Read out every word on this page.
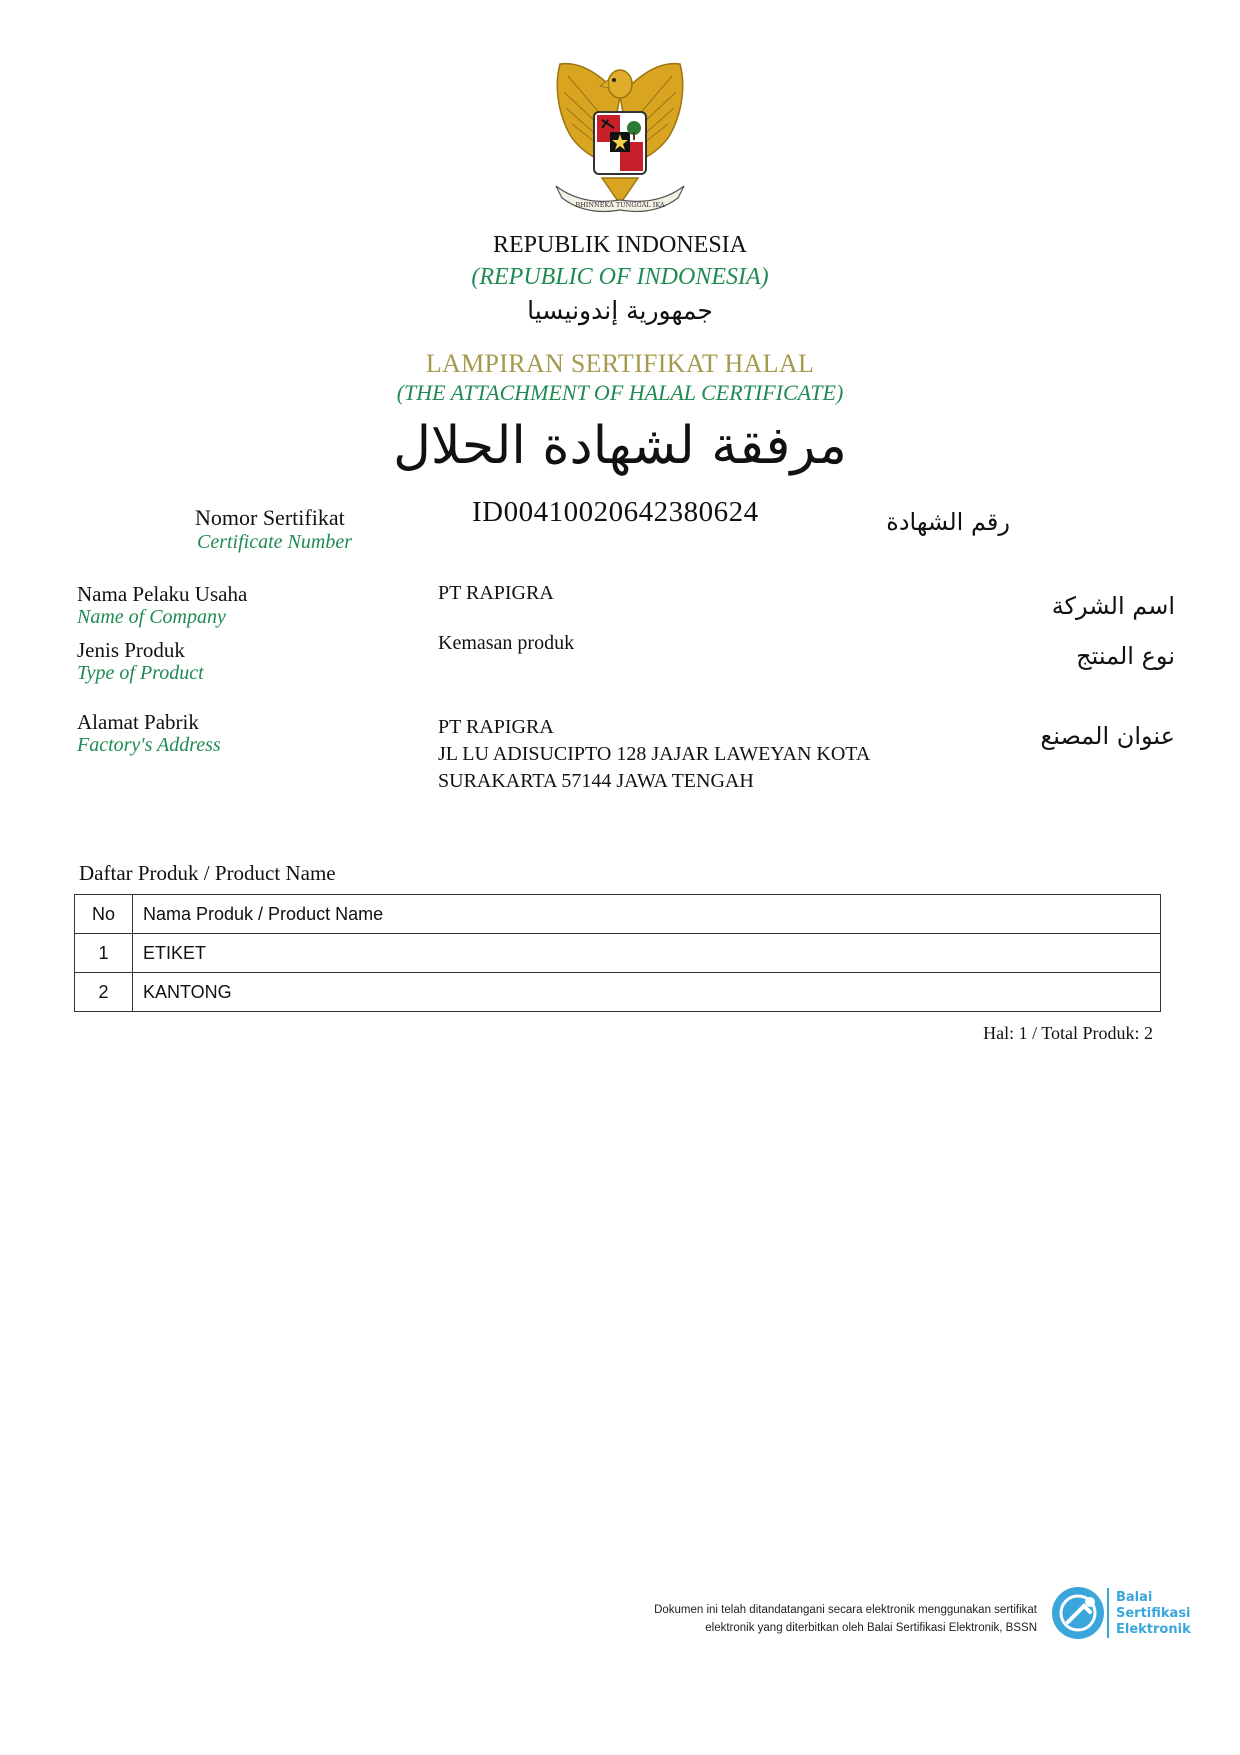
BHINNEKA TUNGGAL IKA
REPUBLIK INDONESIA
(REPUBLIC OF INDONESIA)
جمهورية إندونيسيا
LAMPIRAN SERTIFIKAT HALAL
(THE ATTACHMENT OF HALAL CERTIFICATE)
مرفقة لشهادة الحلال
Nomor Sertifikat
Certificate Number
ID00410020642380624	رقم الشهادة
Nama Pelaku Usaha
Name of Company
PT RAPIGRA	اسم الشركة
Jenis Produk
Type of Product
Kemasan produk	نوع المنتج
Alamat Pabrik
Factory's Address
PT RAPIGRA
JL LU ADISUCIPTO 128 JAJAR LAWEYAN KOTA
SURAKARTA 57144 JAWA TENGAH
عنوان المصنع
Daftar Produk / Product Name
No	Nama Produk / Product Name
1	ETIKET
2	KANTONG
Hal: 1 / Total Produk: 2
Dokumen ini telah ditandatangani secara elektronik menggunakan sertifikat
elektronik yang diterbitkan oleh Balai Sertifikasi Elektronik, BSSN
Balai
Sertifikasi
Elektronik
